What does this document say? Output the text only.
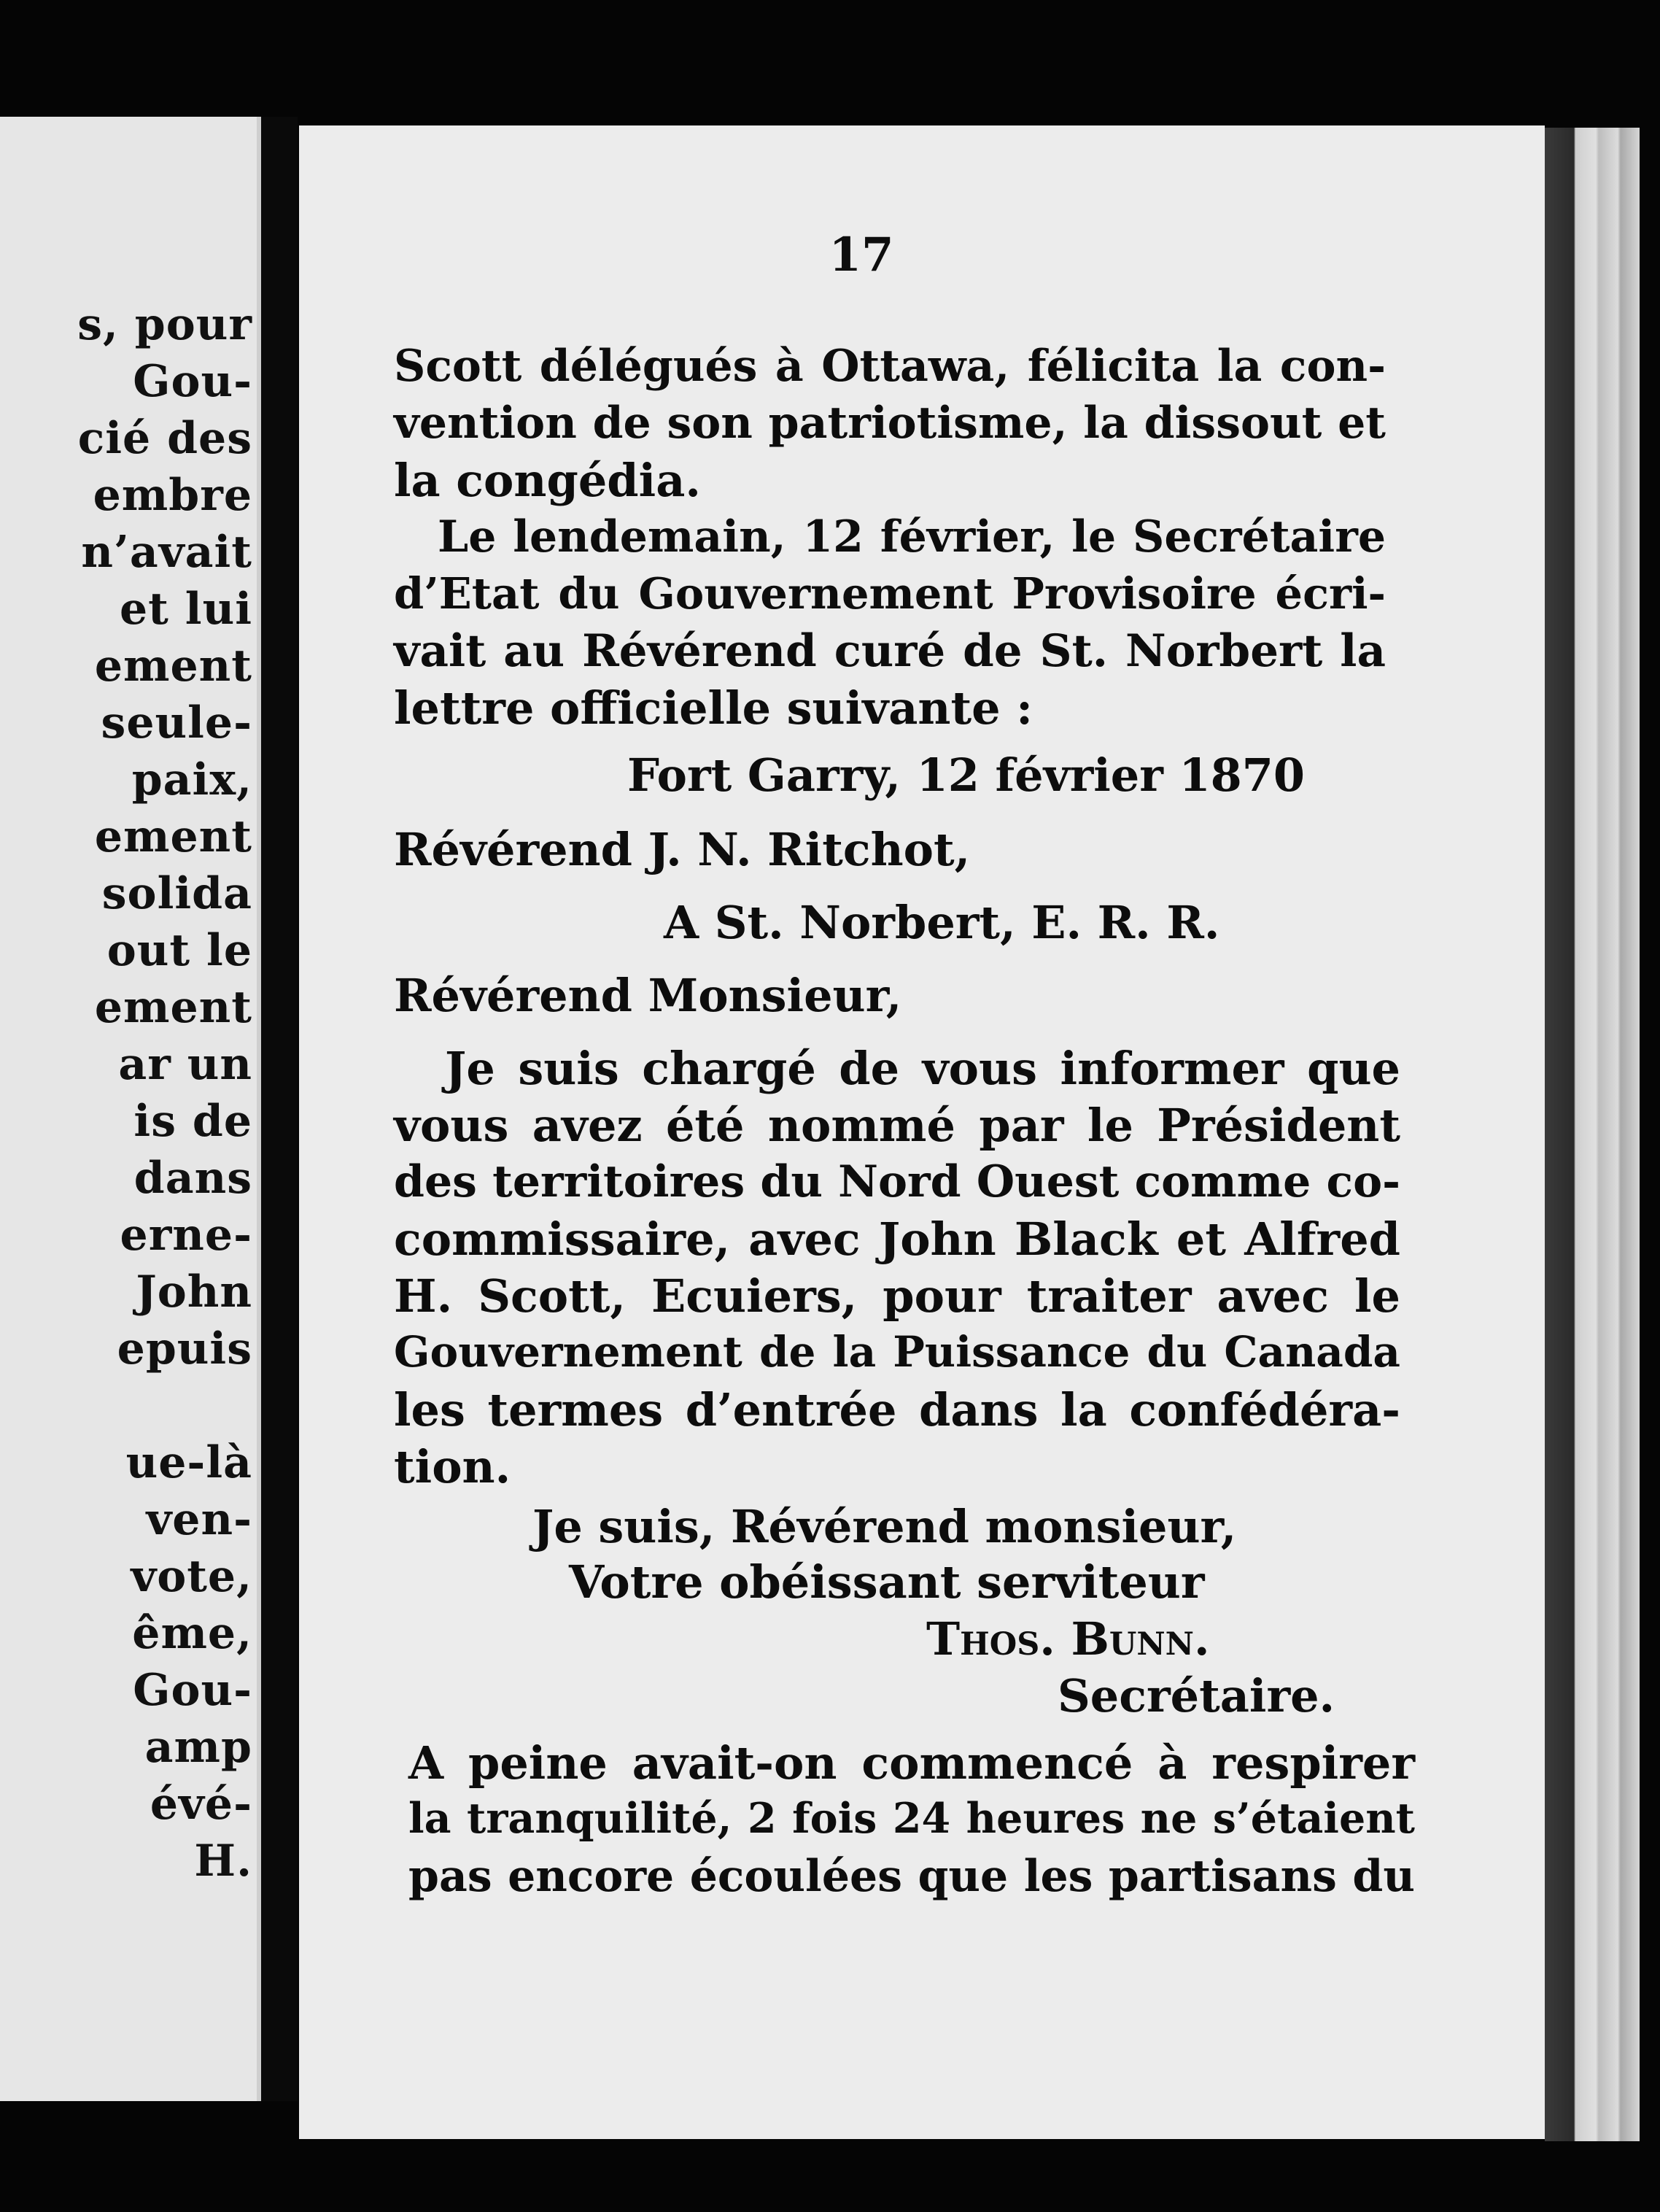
s, pour

Gou-

cié des

embre

n’avait

et lui

ement

seule-

paix,

ement

solida

out le

ement

ar un

is de

dans

erne-

John

epuis

ue-là

ven-

vote,

ême,

Gou-

amp

évé-

H.

17

Scott délégués à Ottawa, félicita la con-

vention de son patriotisme, la dissout et

la congédia.

Le lendemain, 12 février, le Secrétaire

d’Etat du Gouvernement Provisoire écri-

vait au Révérend curé de St. Norbert la

lettre officielle suivante :

Fort Garry, 12 février 1870

Révérend J. N. Ritchot,

A St. Norbert, E. R. R.

Révérend Monsieur,

Je suis chargé de vous informer que

vous avez été nommé par le Président

des territoires du Nord Ouest comme co-

commissaire, avec John Black et Alfred

H. Scott, Ecuiers, pour traiter avec le

Gouvernement de la Puissance du Canada

les termes d’entrée dans la confédéra-

tion.

Je suis, Révérend monsieur,

Votre obéissant serviteur

Thos. Bunn.

Secrétaire.

A peine avait-on commencé à respirer

la tranquilité, 2 fois 24 heures ne s’étaient

pas encore écoulées que les partisans du
